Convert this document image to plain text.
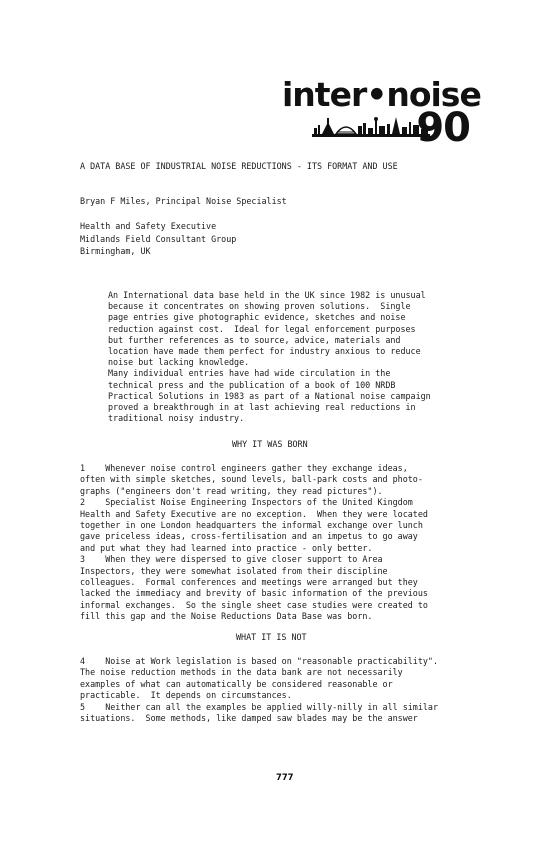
inter•noise
90
A DATA BASE OF INDUSTRIAL NOISE REDUCTIONS - ITS FORMAT AND USE
Bryan F Miles, Principal Noise Specialist
Health and Safety Executive
Midlands Field Consultant Group
Birmingham, UK
An International data base held in the UK since 1982 is unusual
because it concentrates on showing proven solutions.  Single
page entries give photographic evidence, sketches and noise
reduction against cost.  Ideal for legal enforcement purposes
but further references as to source, advice, materials and
location have made them perfect for industry anxious to reduce
noise but lacking knowledge.
Many individual entries have had wide circulation in the
technical press and the publication of a book of 100 NRDB
Practical Solutions in 1983 as part of a National noise campaign
proved a breakthrough in at last achieving real reductions in
traditional noisy industry.
WHY IT WAS BORN
1    Whenever noise control engineers gather they exchange ideas,
often with simple sketches, sound levels, ball-park costs and photo-
graphs ("engineers don't read writing, they read pictures").
2    Specialist Noise Engineering Inspectors of the United Kingdom
Health and Safety Executive are no exception.  When they were located
together in one London headquarters the informal exchange over lunch
gave priceless ideas, cross-fertilisation and an impetus to go away
and put what they had learned into practice - only better.
3    When they were dispersed to give closer support to Area
Inspectors, they were somewhat isolated from their discipline
colleagues.  Formal conferences and meetings were arranged but they
lacked the immediacy and brevity of basic information of the previous
informal exchanges.  So the single sheet case studies were created to
fill this gap and the Noise Reductions Data Base was born.
WHAT IT IS NOT
4    Noise at Work legislation is based on "reasonable practicability".
The noise reduction methods in the data bank are not necessarily
examples of what can automatically be considered reasonable or
practicable.  It depends on circumstances.
5    Neither can all the examples be applied willy-nilly in all similar
situations.  Some methods, like damped saw blades may be the answer
777
